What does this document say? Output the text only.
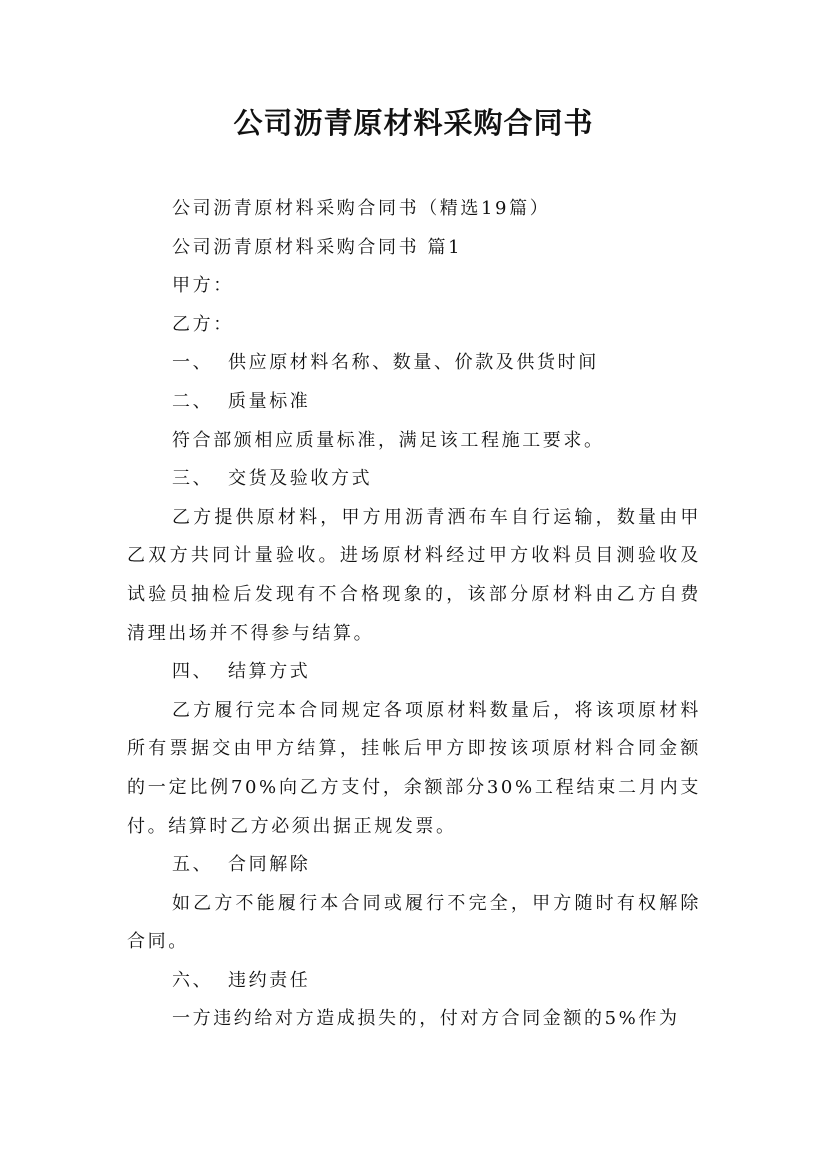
公司沥青原材料采购合同书

公司沥青原材料采购合同书（精选19篇）

公司沥青原材料采购合同书 篇1

甲方：

乙方：

一、 供应原材料名称、数量、价款及供货时间

二、 质量标准

符合部颁相应质量标准，满足该工程施工要求。

三、 交货及验收方式

乙方提供原材料，甲方用沥青洒布车自行运输，数量由甲乙双方共同计量验收。进场原材料经过甲方收料员目测验收及试验员抽检后发现有不合格现象的，该部分原材料由乙方自费清理出场并不得参与结算。

四、 结算方式

乙方履行完本合同规定各项原材料数量后，将该项原材料所有票据交由甲方结算，挂帐后甲方即按该项原材料合同金额的一定比例70%向乙方支付，余额部分30%工程结束二月内支付。结算时乙方必须出据正规发票。

五、 合同解除

如乙方不能履行本合同或履行不完全，甲方随时有权解除合同。

六、 违约责任

一方违约给对方造成损失的，付对方合同金额的5%作为
